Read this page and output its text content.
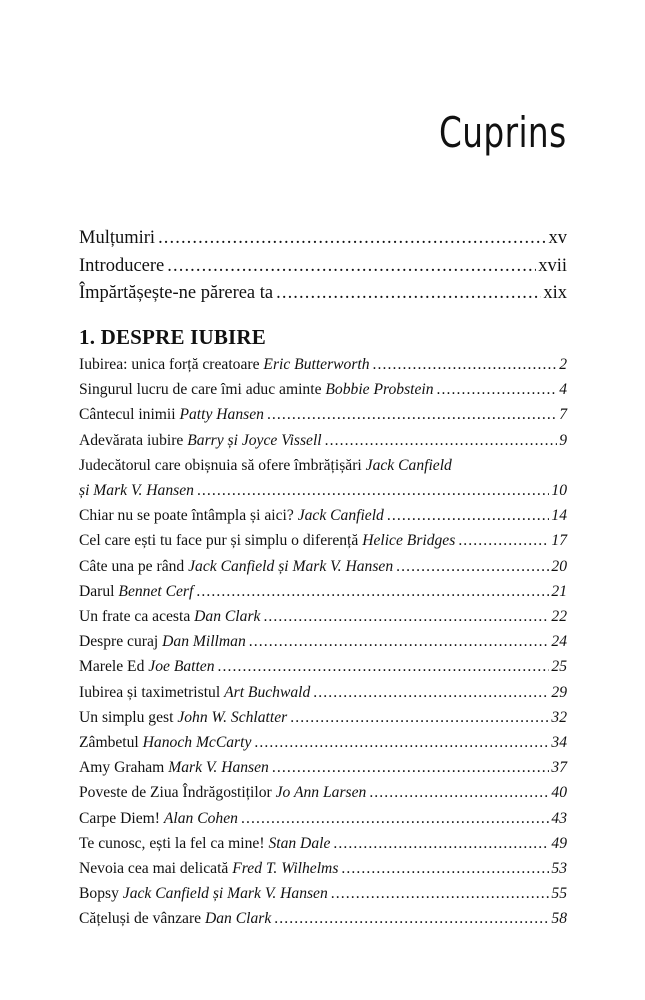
Cuprins
Mulțumiri .....	xv
Introducere .....	xvii
Împărtășește-ne părerea ta .....	xix
1. DESPRE IUBIRE
Iubirea: unica forță creatoare Eric Butterworth .....	2
Singurul lucru de care îmi aduc aminte Bobbie Probstein .....	4
Cântecul inimii Patty Hansen .....	7
Adevărata iubire Barry și Joyce Vissell .....	9
Judecătorul care obișnuia să ofere îmbrățișări Jack Canfield
și Mark V. Hansen .....	10
Chiar nu se poate întâmpla și aici? Jack Canfield .....	14
Cel care ești tu face pur și simplu o diferență Helice Bridges .....	17
Câte una pe rând Jack Canfield și Mark V. Hansen .....	20
Darul Bennet Cerf .....	21
Un frate ca acesta Dan Clark .....	22
Despre curaj Dan Millman .....	24
Marele Ed Joe Batten .....	25
Iubirea și taximetristul Art Buchwald .....	29
Un simplu gest John W. Schlatter .....	32
Zâmbetul Hanoch McCarty .....	34
Amy Graham Mark V. Hansen .....	37
Poveste de Ziua Îndrăgostiților Jo Ann Larsen .....	40
Carpe Diem! Alan Cohen .....	43
Te cunosc, ești la fel ca mine! Stan Dale .....	49
Nevoia cea mai delicată Fred T. Wilhelms .....	53
Bopsy Jack Canfield și Mark V. Hansen .....	55
Cățeluși de vânzare Dan Clark .....	58
